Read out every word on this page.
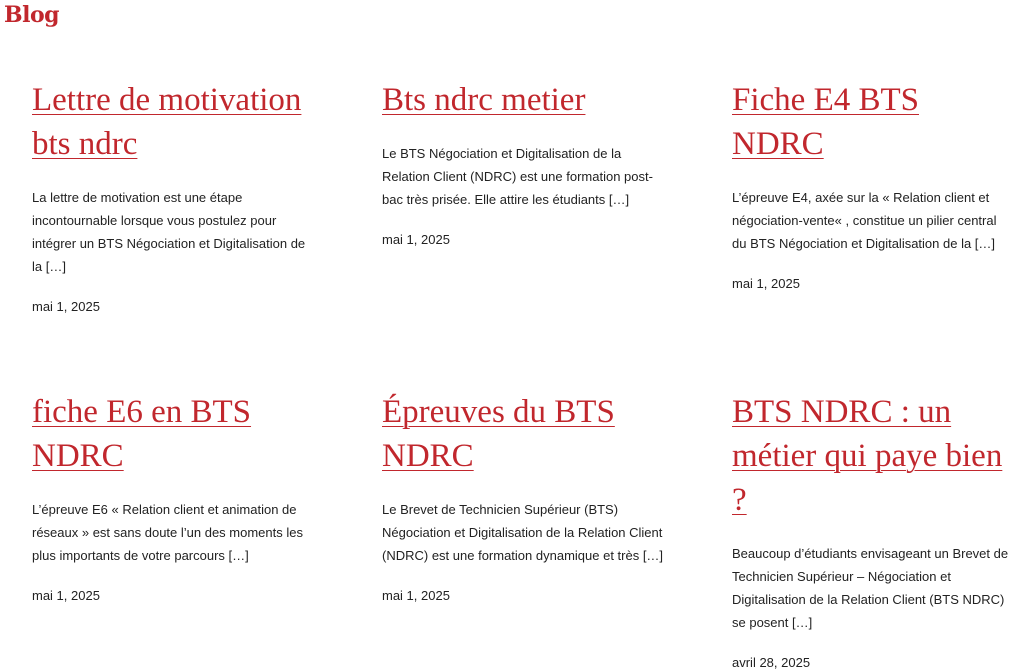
Blog
Lettre de motivation bts ndrc

La lettre de motivation est une étape incontournable lorsque vous postulez pour intégrer un BTS Négociation et Digitalisation de la […]

mai 1, 2025

Bts ndrc metier

Le BTS Négociation et Digitalisation de la Relation Client (NDRC) est une formation post-bac très prisée. Elle attire les étudiants […]

mai 1, 2025

Fiche E4 BTS NDRC

L’épreuve E4, axée sur la « Relation client et négociation-vente« , constitue un pilier central du BTS Négociation et Digitalisation de la […]

mai 1, 2025

fiche E6 en BTS NDRC

L’épreuve E6 « Relation client et animation de réseaux » est sans doute l’un des moments les plus importants de votre parcours […]

mai 1, 2025

Épreuves du BTS NDRC

Le Brevet de Technicien Supérieur (BTS) Négociation et Digitalisation de la Relation Client (NDRC) est une formation dynamique et très […]

mai 1, 2025

BTS NDRC : un métier qui paye bien ?

Beaucoup d’étudiants envisageant un Brevet de Technicien Supérieur – Négociation et Digitalisation de la Relation Client (BTS NDRC) se posent […]

avril 28, 2025
